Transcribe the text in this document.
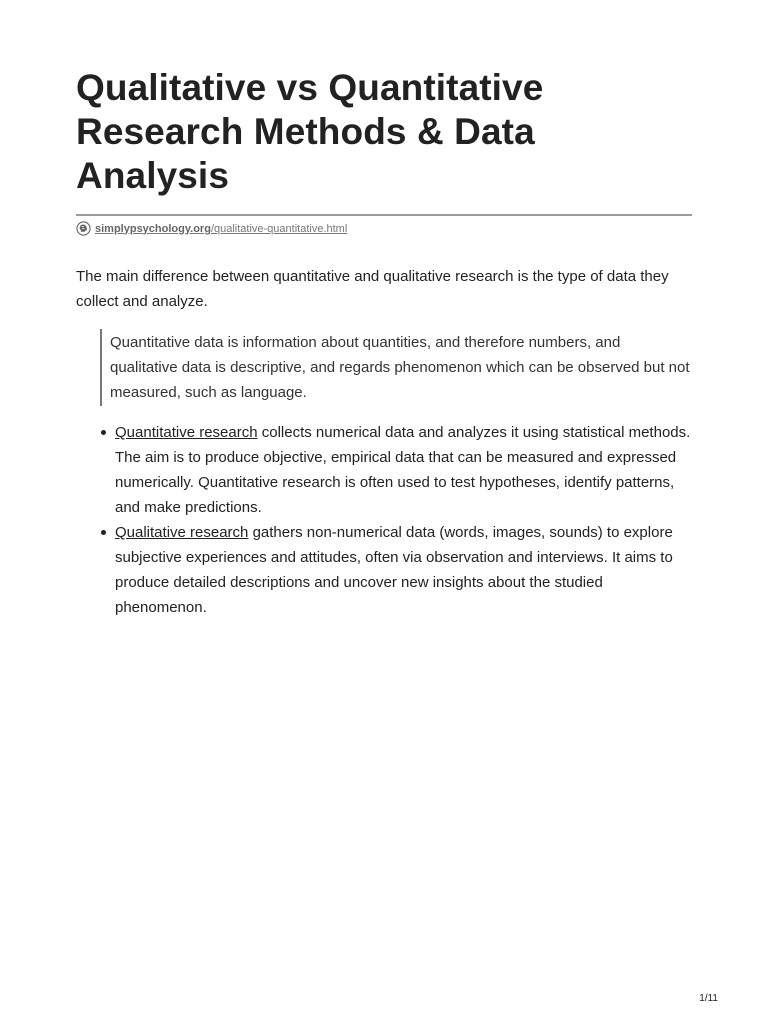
Qualitative vs Quantitative Research Methods & Data Analysis
simplypsychology.org/qualitative-quantitative.html

The main difference between quantitative and qualitative research is the type of data they collect and analyze.

Quantitative data is information about quantities, and therefore numbers, and qualitative data is descriptive, and regards phenomenon which can be observed but not measured, such as language.
Quantitative research collects numerical data and analyzes it using statistical methods. The aim is to produce objective, empirical data that can be measured and expressed numerically. Quantitative research is often used to test hypotheses, identify patterns, and make predictions.
Qualitative research gathers non-numerical data (words, images, sounds) to explore subjective experiences and attitudes, often via observation and interviews. It aims to produce detailed descriptions and uncover new insights about the studied phenomenon.
1/11
